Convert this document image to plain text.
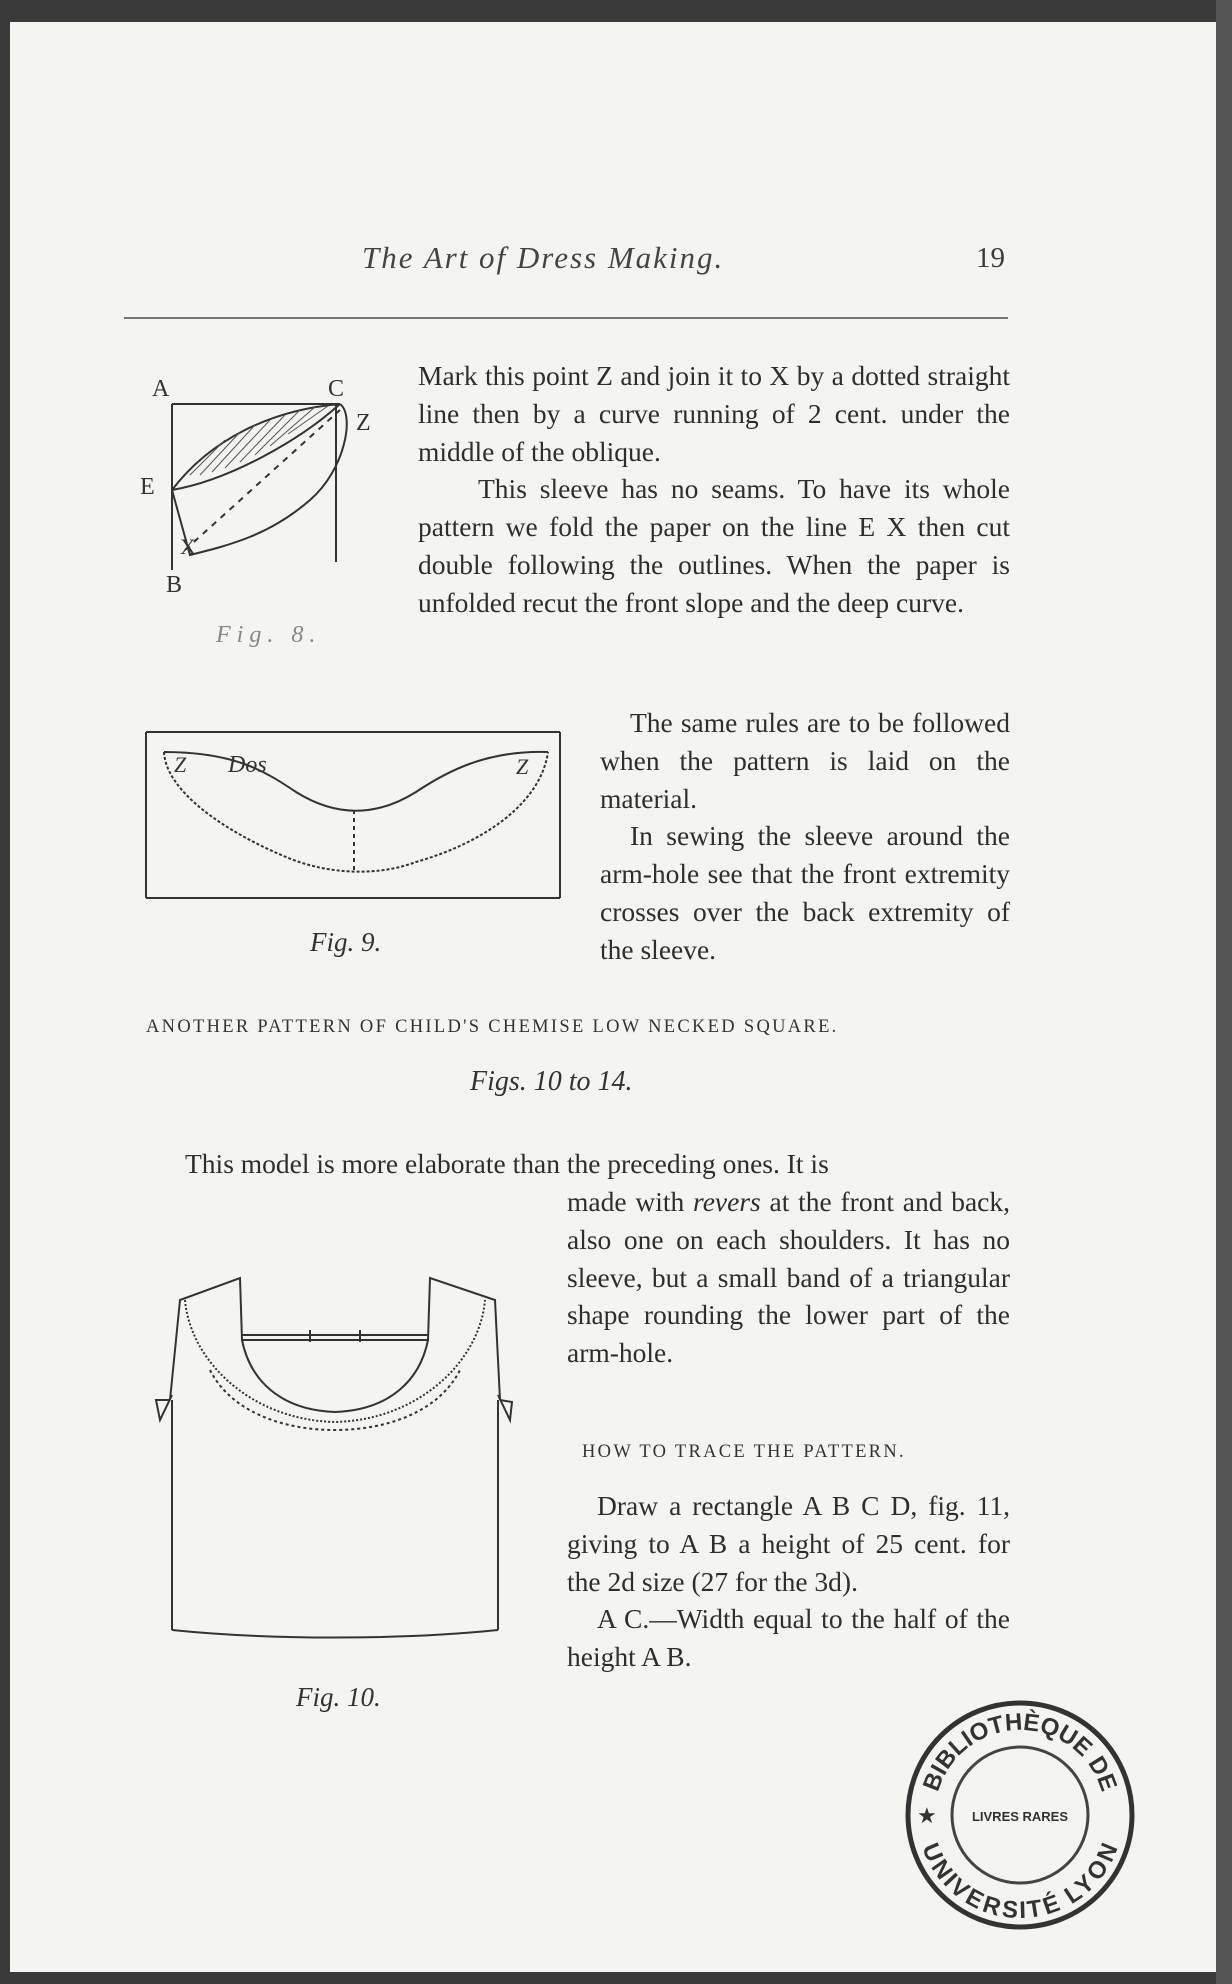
The Art of Dress Making.	19
A	C
Z
E
X
B
Fig. 8.

Mark this point Z and join it to X by a dotted straight line then by a curve running of 2 cent. under the middle of the oblique.

This sleeve has no seams. To have its whole pattern we fold the paper on the line E X then cut double following the outlines. When the paper is unfolded recut the front slope and the deep curve.

Z Dos	Z
Fig. 9.

The same rules are to be followed when the pattern is laid on the material.

In sewing the sleeve around the arm-hole see that the front extremity crosses over the back extremity of the sleeve.

ANOTHER PATTERN OF CHILD'S CHEMISE LOW NECKED SQUARE.
Figs. 10 to 14.

This model is more elaborate than the preceding ones. It is

made with revers at the front and back, also one on each shoulders. It has no sleeve, but a small band of a triangular shape rounding the lower part of the arm-hole.

Fig. 10.
HOW TO TRACE THE PATTERN.

Draw a rectangle A B C D, fig. 11, giving to A B a height of 25 cent. for the 2d size (27 for the 3d).

A C.—Width equal to the half of the height A B.

BIBLIOTHÈQUE DE
UNIVERSITÉ LYON
LIVRES RARES
★
